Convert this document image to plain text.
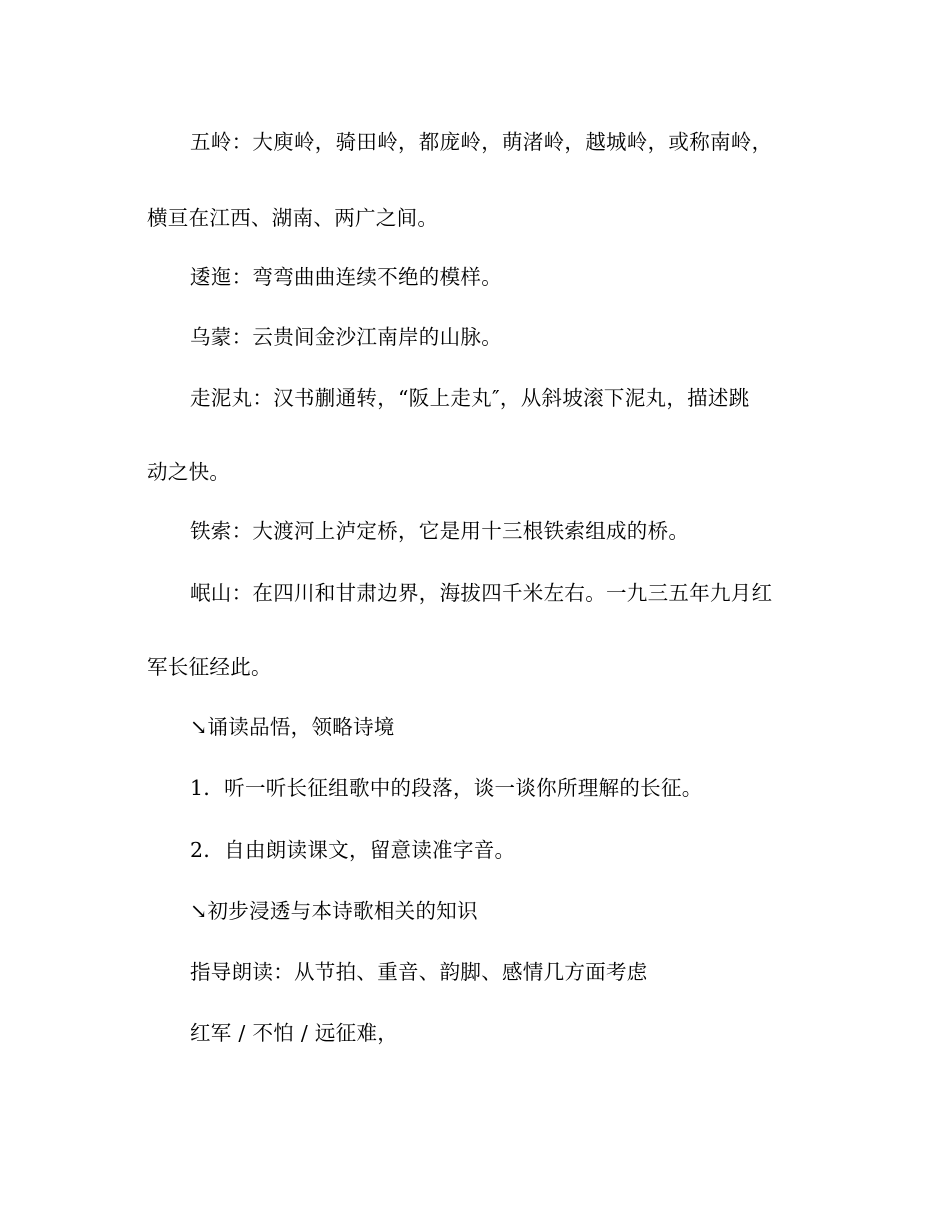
五岭：大庾岭，骑田岭，都庞岭，萌渚岭，越城岭，或称南岭，
横亘在江西、湖南、两广之间。
逶迤：弯弯曲曲连续不绝的模样。
乌蒙：云贵间金沙江南岸的山脉。
走泥丸：汉书蒯通转，“阪上走丸″，从斜坡滚下泥丸，描述跳
动之快。
铁索：大渡河上泸定桥，它是用十三根铁索组成的桥。
岷山：在四川和甘肃边界，海拔四千米左右。一九三五年九月红
军长征经此。
↘诵读品悟，领略诗境
1．听一听长征组歌中的段落，谈一谈你所理解的长征。
2．自由朗读课文，留意读准字音。
↘初步浸透与本诗歌相关的知识
指导朗读：从节拍、重音、韵脚、感情几方面考虑
红军 / 不怕 / 远征难，
